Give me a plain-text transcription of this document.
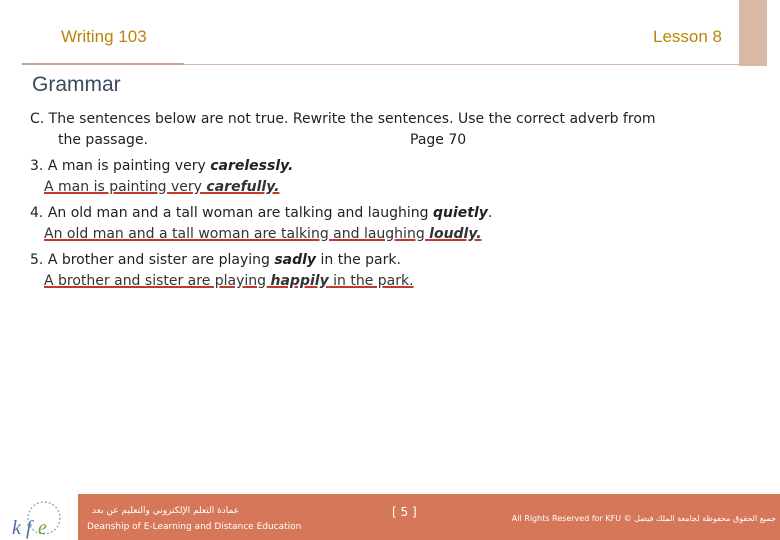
Writing 103	Lesson 8
Grammar
C. The sentences below are not true. Rewrite the sentences. Use the correct adverb from
the passage.	Page 70
3. A man is painting very carelessly.
A man is painting very carefully.
4. An old man and a tall woman are talking and laughing quietly.
An old man and a tall woman are talking and laughing loudly.
5. A brother and sister are playing sadly in the park.
A brother and sister are playing happily in the park.
k f e
عمادة التعلم الإلكتروني والتعليم عن بعد
Deanship of E-Learning and Distance Education
[ 5 ]	All Rights Reserved for KFU © جميع الحقوق محفوظة لجامعة الملك فيصل
